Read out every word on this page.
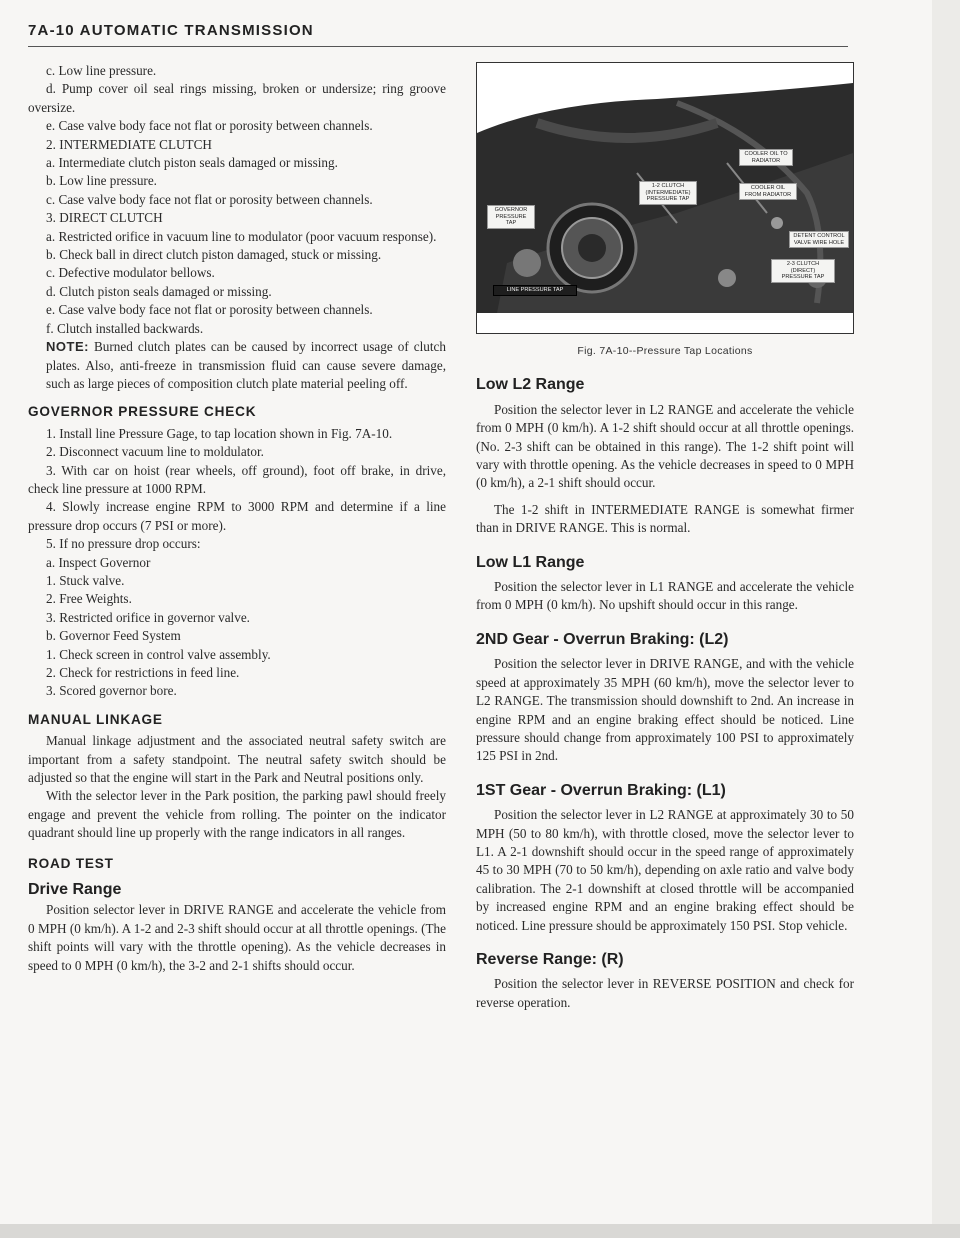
7A-10 AUTOMATIC TRANSMISSION

c. Low line pressure.

d. Pump cover oil seal rings missing, broken or undersize; ring groove oversize.

e. Case valve body face not flat or porosity between channels.

2. INTERMEDIATE CLUTCH

a. Intermediate clutch piston seals damaged or missing.

b. Low line pressure.

c. Case valve body face not flat or porosity between channels.

3. DIRECT CLUTCH

a. Restricted orifice in vacuum line to modulator (poor vacuum response).

b. Check ball in direct clutch piston damaged, stuck or missing.

c. Defective modulator bellows.

d. Clutch piston seals damaged or missing.

e. Case valve body face not flat or porosity between channels.

f. Clutch installed backwards.

NOTE: Burned clutch plates can be caused by incorrect usage of clutch plates. Also, anti-freeze in transmission fluid can cause severe damage, such as large pieces of composition clutch plate material peeling off.

GOVERNOR PRESSURE CHECK

1. Install line Pressure Gage, to tap location shown in Fig. 7A-10.

2. Disconnect vacuum line to moldulator.

3. With car on hoist (rear wheels, off ground), foot off brake, in drive, check line pressure at 1000 RPM.

4. Slowly increase engine RPM to 3000 RPM and determine if a line pressure drop occurs (7 PSI or more).

5. If no pressure drop occurs:

a. Inspect Governor

1. Stuck valve.

2. Free Weights.

3. Restricted orifice in governor valve.

b. Governor Feed System

1. Check screen in control valve assembly.

2. Check for restrictions in feed line.

3. Scored governor bore.

MANUAL LINKAGE

Manual linkage adjustment and the associated neutral safety switch are important from a safety standpoint. The neutral safety switch should be adjusted so that the engine will start in the Park and Neutral positions only.

With the selector lever in the Park position, the parking pawl should freely engage and prevent the vehicle from rolling. The pointer on the indicator quadrant should line up properly with the range indicators in all ranges.

ROAD TEST
Drive Range

Position selector lever in DRIVE RANGE and accelerate the vehicle from 0 MPH (0 km/h). A 1-2 and 2-3 shift should occur at all throttle openings. (The shift points will vary with the throttle opening). As the vehicle decreases in speed to 0 MPH (0 km/h), the 3-2 and 2-1 shifts should occur.

COOLER OIL TO RADIATOR
1-2 CLUTCH (INTERMEDIATE) PRESSURE TAP
COOLER OIL FROM RADIATOR
GOVERNOR PRESSURE TAP
DETENT CONTROL VALVE WIRE HOLE
2-3 CLUTCH (DIRECT) PRESSURE TAP
LINE PRESSURE TAP
Fig. 7A-10--Pressure Tap Locations
Low L2 Range

Position the selector lever in L2 RANGE and accelerate the vehicle from 0 MPH (0 km/h). A 1-2 shift should occur at all throttle openings. (No. 2-3 shift can be obtained in this range). The 1-2 shift point will vary with throttle opening. As the vehicle decreases in speed to 0 MPH (0 km/h), a 2-1 shift should occur.

The 1-2 shift in INTERMEDIATE RANGE is somewhat firmer than in DRIVE RANGE. This is normal.

Low L1 Range

Position the selector lever in L1 RANGE and accelerate the vehicle from 0 MPH (0 km/h). No upshift should occur in this range.

2ND Gear - Overrun Braking: (L2)

Position the selector lever in DRIVE RANGE, and with the vehicle speed at approximately 35 MPH (60 km/h), move the selector lever to L2 RANGE. The transmission should downshift to 2nd. An increase in engine RPM and an engine braking effect should be noticed. Line pressure should change from approximately 100 PSI to approximately 125 PSI in 2nd.

1ST Gear - Overrun Braking: (L1)

Position the selector lever in L2 RANGE at approximately 30 to 50 MPH (50 to 80 km/h), with throttle closed, move the selector lever to L1. A 2-1 downshift should occur in the speed range of approximately 45 to 30 MPH (70 to 50 km/h), depending on axle ratio and valve body calibration. The 2-1 downshift at closed throttle will be accompanied by increased engine RPM and an engine braking effect should be noticed. Line pressure should be approximately 150 PSI. Stop vehicle.

Reverse Range: (R)

Position the selector lever in REVERSE POSITION and check for reverse operation.
